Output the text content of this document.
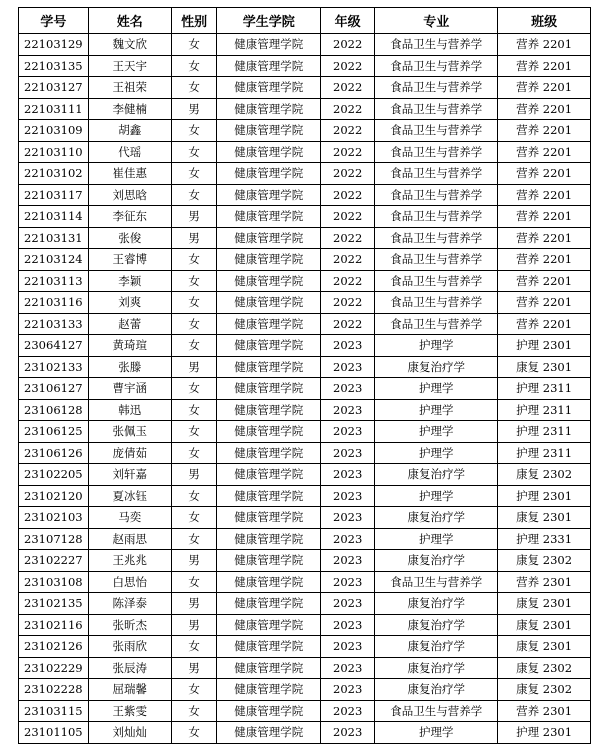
学号	姓名	性别	学生学院	年级	专业	班级
22103129	魏文欣	女	健康管理学院	2022	食品卫生与营养学	营养 2201
22103135	王天宇	女	健康管理学院	2022	食品卫生与营养学	营养 2201
22103127	王祖荣	女	健康管理学院	2022	食品卫生与营养学	营养 2201
22103111	李健楠	男	健康管理学院	2022	食品卫生与营养学	营养 2201
22103109	胡鑫	女	健康管理学院	2022	食品卫生与营养学	营养 2201
22103110	代瑶	女	健康管理学院	2022	食品卫生与营养学	营养 2201
22103102	崔佳惠	女	健康管理学院	2022	食品卫生与营养学	营养 2201
22103117	刘思晗	女	健康管理学院	2022	食品卫生与营养学	营养 2201
22103114	李征东	男	健康管理学院	2022	食品卫生与营养学	营养 2201
22103131	张俊	男	健康管理学院	2022	食品卫生与营养学	营养 2201
22103124	王睿博	女	健康管理学院	2022	食品卫生与营养学	营养 2201
22103113	李颖	女	健康管理学院	2022	食品卫生与营养学	营养 2201
22103116	刘爽	女	健康管理学院	2022	食品卫生与营养学	营养 2201
22103133	赵蕾	女	健康管理学院	2022	食品卫生与营养学	营养 2201
23064127	黄琦瑄	女	健康管理学院	2023	护理学	护理 2301
23102133	张滕	男	健康管理学院	2023	康复治疗学	康复 2301
23106127	曹宇涵	女	健康管理学院	2023	护理学	护理 2311
23106128	韩迅	女	健康管理学院	2023	护理学	护理 2311
23106125	张佩玉	女	健康管理学院	2023	护理学	护理 2311
23106126	庞倩茹	女	健康管理学院	2023	护理学	护理 2311
23102205	刘轩嘉	男	健康管理学院	2023	康复治疗学	康复 2302
23102120	夏冰钰	女	健康管理学院	2023	护理学	护理 2301
23102103	马奕	女	健康管理学院	2023	康复治疗学	康复 2301
23107128	赵雨思	女	健康管理学院	2023	护理学	护理 2331
23102227	王兆兆	男	健康管理学院	2023	康复治疗学	康复 2302
23103108	白思怡	女	健康管理学院	2023	食品卫生与营养学	营养 2301
23102135	陈泽泰	男	健康管理学院	2023	康复治疗学	康复 2301
23102116	张昕杰	男	健康管理学院	2023	康复治疗学	康复 2301
23102126	张雨欣	女	健康管理学院	2023	康复治疗学	康复 2301
23102229	张辰涛	男	健康管理学院	2023	康复治疗学	康复 2302
23102228	屈瑞馨	女	健康管理学院	2023	康复治疗学	康复 2302
23103115	王紫雯	女	健康管理学院	2023	食品卫生与营养学	营养 2301
23101105	刘灿灿	女	健康管理学院	2023	护理学	护理 2301
